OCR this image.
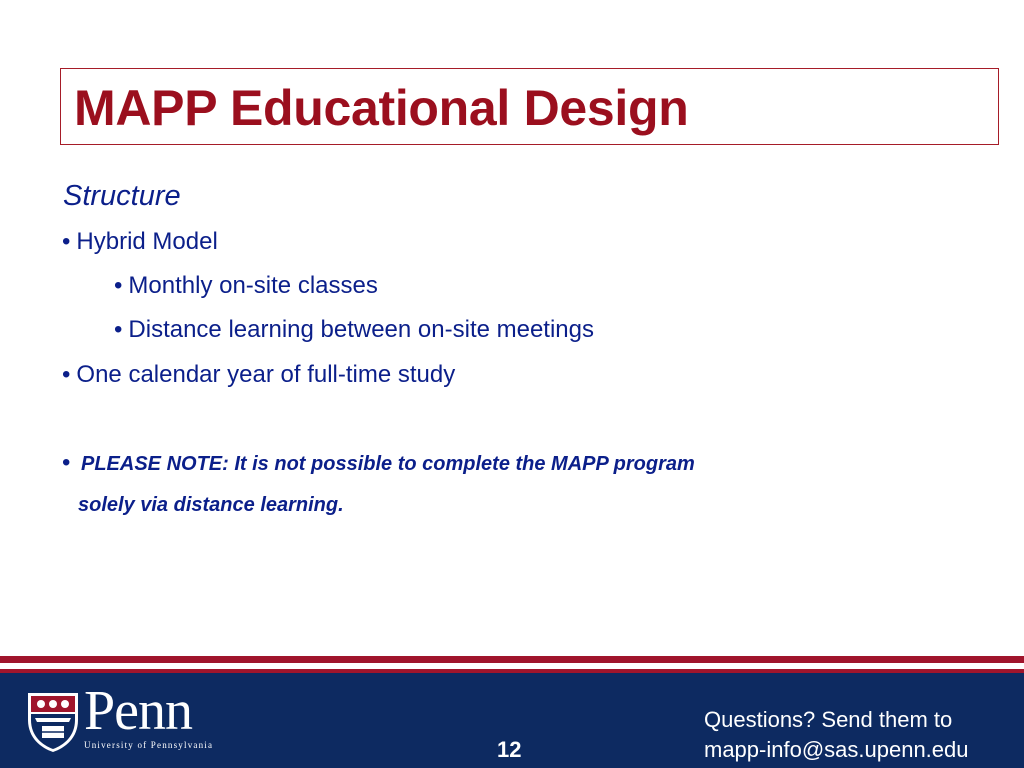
MAPP Educational Design
Structure
• Hybrid Model
• Monthly on-site classes
• Distance learning between on-site meetings
• One calendar year of full-time study
• PLEASE NOTE: It is not possible to complete the MAPP program
solely via distance learning.
Penn
University of Pennsylvania	12
Questions? Send them to
mapp-info@sas.upenn.edu
